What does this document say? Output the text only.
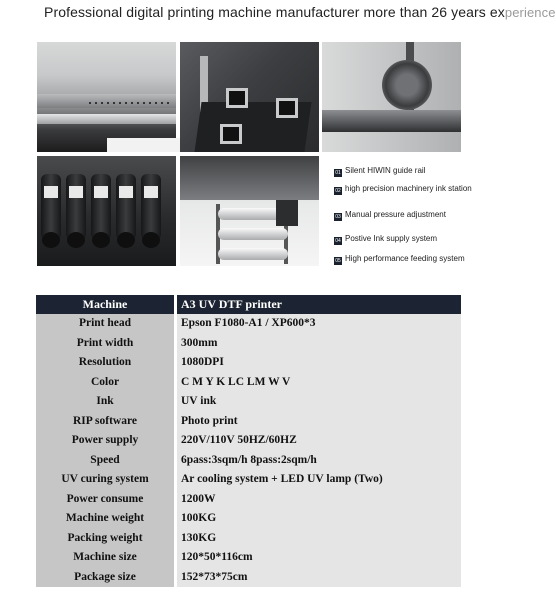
Professional digital printing machine manufacturer more than 26 years experience
01 Silent HIWIN guide rail
02 high precision machinery ink station
03 Manual pressure adjustment
04 Postive Ink supply system
05 High performance feeding system
Machine	A3 UV DTF printer
Print head	Epson F1080-A1 / XP600*3
Print width	300mm
Resolution	1080DPI
Color	C M Y K LC LM W V
Ink	UV ink
RIP software	Photo print
Power supply	220V/110V 50HZ/60HZ
Speed	6pass:3sqm/h 8pass:2sqm/h
UV curing system	Ar cooling system + LED UV lamp (Two)
Power consume	1200W
Machine weight	100KG
Packing weight	130KG
Machine size	120*50*116cm
Package size	152*73*75cm
